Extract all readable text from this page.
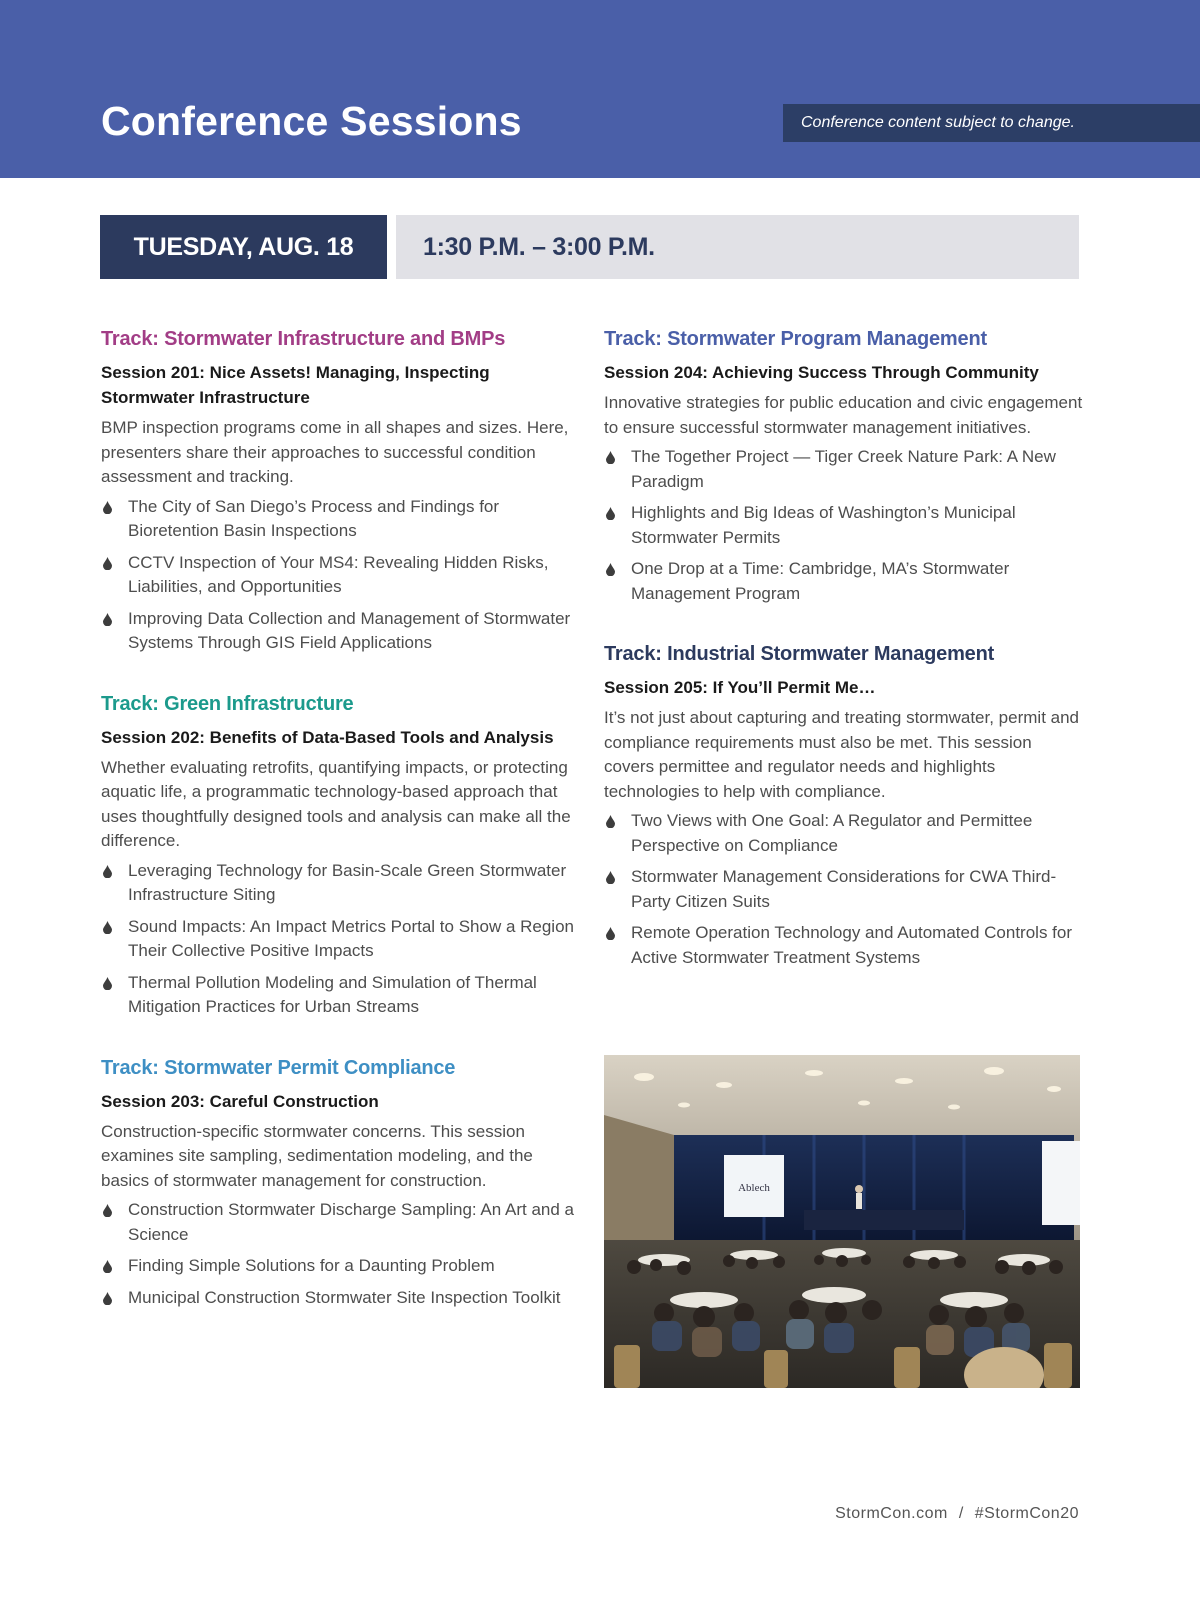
Conference Sessions	Conference content subject to change.
TUESDAY, AUG. 18	1:30 P.M. – 3:00 P.M.
Track: Stormwater Infrastructure and BMPs
Session 201: Nice Assets! Managing, Inspecting Stormwater Infrastructure

BMP inspection programs come in all shapes and sizes. Here, presenters share their approaches to successful condition assessment and tracking.

The City of San Diego’s Process and Findings for Bioretention Basin Inspections
CCTV Inspection of Your MS4: Revealing Hidden Risks, Liabilities, and Opportunities
Improving Data Collection and Management of Stormwater Systems Through GIS Field Applications
Track: Green Infrastructure
Session 202: Benefits of Data-Based Tools and Analysis

Whether evaluating retrofits, quantifying impacts, or protecting aquatic life, a programmatic technology-based approach that uses thoughtfully designed tools and analysis can make all the difference.

Leveraging Technology for Basin-Scale Green Stormwater Infrastructure Siting
Sound Impacts: An Impact Metrics Portal to Show a Region Their Collective Positive Impacts
Thermal Pollution Modeling and Simulation of Thermal Mitigation Practices for Urban Streams
Track: Stormwater Permit Compliance
Session 203: Careful Construction

Construction-specific stormwater concerns. This session examines site sampling, sedimentation modeling, and the basics of stormwater management for construction.

Construction Stormwater Discharge Sampling: An Art and a Science
Finding Simple Solutions for a Daunting Problem
Municipal Construction Stormwater Site Inspection Toolkit
Track: Stormwater Program Management
Session 204: Achieving Success Through Community

Innovative strategies for public education and civic engagement to ensure successful stormwater management initiatives.

The Together Project — Tiger Creek Nature Park: A New Paradigm
Highlights and Big Ideas of Washington’s Municipal Stormwater Permits
One Drop at a Time: Cambridge, MA’s Stormwater Management Program
Track: Industrial Stormwater Management
Session 205: If You’ll Permit Me…

It’s not just about capturing and treating stormwater, permit and compliance requirements must also be met. This session covers permittee and regulator needs and highlights technologies to help with compliance.

Two Views with One Goal: A Regulator and Permittee Perspective on Compliance
Stormwater Management Considerations for CWA Third-Party Citizen Suits
Remote Operation Technology and Automated Controls for Active Stormwater Treatment Systems
Ablech
StormCon.com / #StormCon20
